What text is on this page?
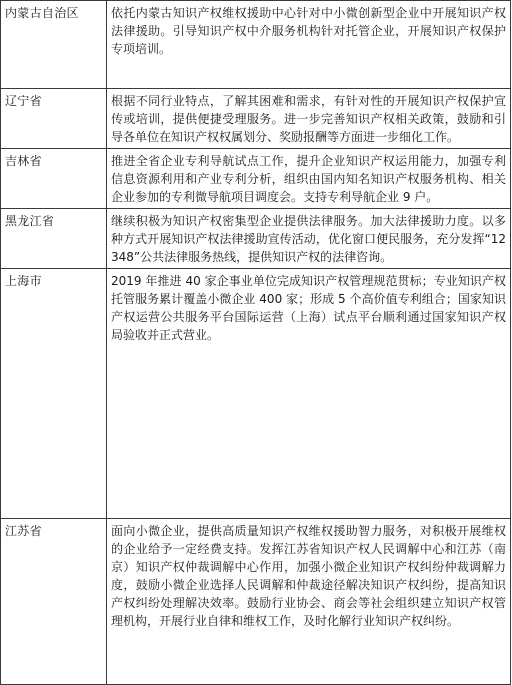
内蒙古自治区	依托内蒙古知识产权维权援助中心针对中小微创新型企业中开展知识产权法律援助。引导知识产权中介服务机构针对托管企业，开展知识产权保护专项培训。
辽宁省	根据不同行业特点，了解其困难和需求，有针对性的开展知识产权保护宣传或培训，提供便捷受理服务。进一步完善知识产权相关政策，鼓励和引导各单位在知识产权权属划分、奖励报酬等方面进一步细化工作。
吉林省	推进全省企业专利导航试点工作，提升企业知识产权运用能力，加强专利信息资源利用和产业专利分析，组织由国内知名知识产权服务机构、相关企业参加的专利微导航项目调度会。支持专利导航企业 9 户。
黑龙江省	继续积极为知识产权密集型企业提供法律服务。加大法律援助力度。以多种方式开展知识产权法律援助宣传活动，优化窗口便民服务，充分发挥“12348”公共法律服务热线，提供知识产权的法律咨询。
上海市	2019 年推进 40 家企事业单位完成知识产权管理规范贯标；专业知识产权托管服务累计覆盖小微企业 400 家；形成 5 个高价值专利组合；国家知识产权运营公共服务平台国际运营（上海）试点平台顺利通过国家知识产权局验收并正式营业。
江苏省	面向小微企业，提供高质量知识产权维权援助智力服务，对积极开展维权的企业给予一定经费支持。发挥江苏省知识产权人民调解中心和江苏（南京）知识产权仲裁调解中心作用，加强小微企业知识产权纠纷仲裁调解力度，鼓励小微企业选择人民调解和仲裁途径解决知识产权纠纷，提高知识产权纠纷处理解决效率。鼓励行业协会、商会等社会组织建立知识产权管理机构，开展行业自律和维权工作，及时化解行业知识产权纠纷。
